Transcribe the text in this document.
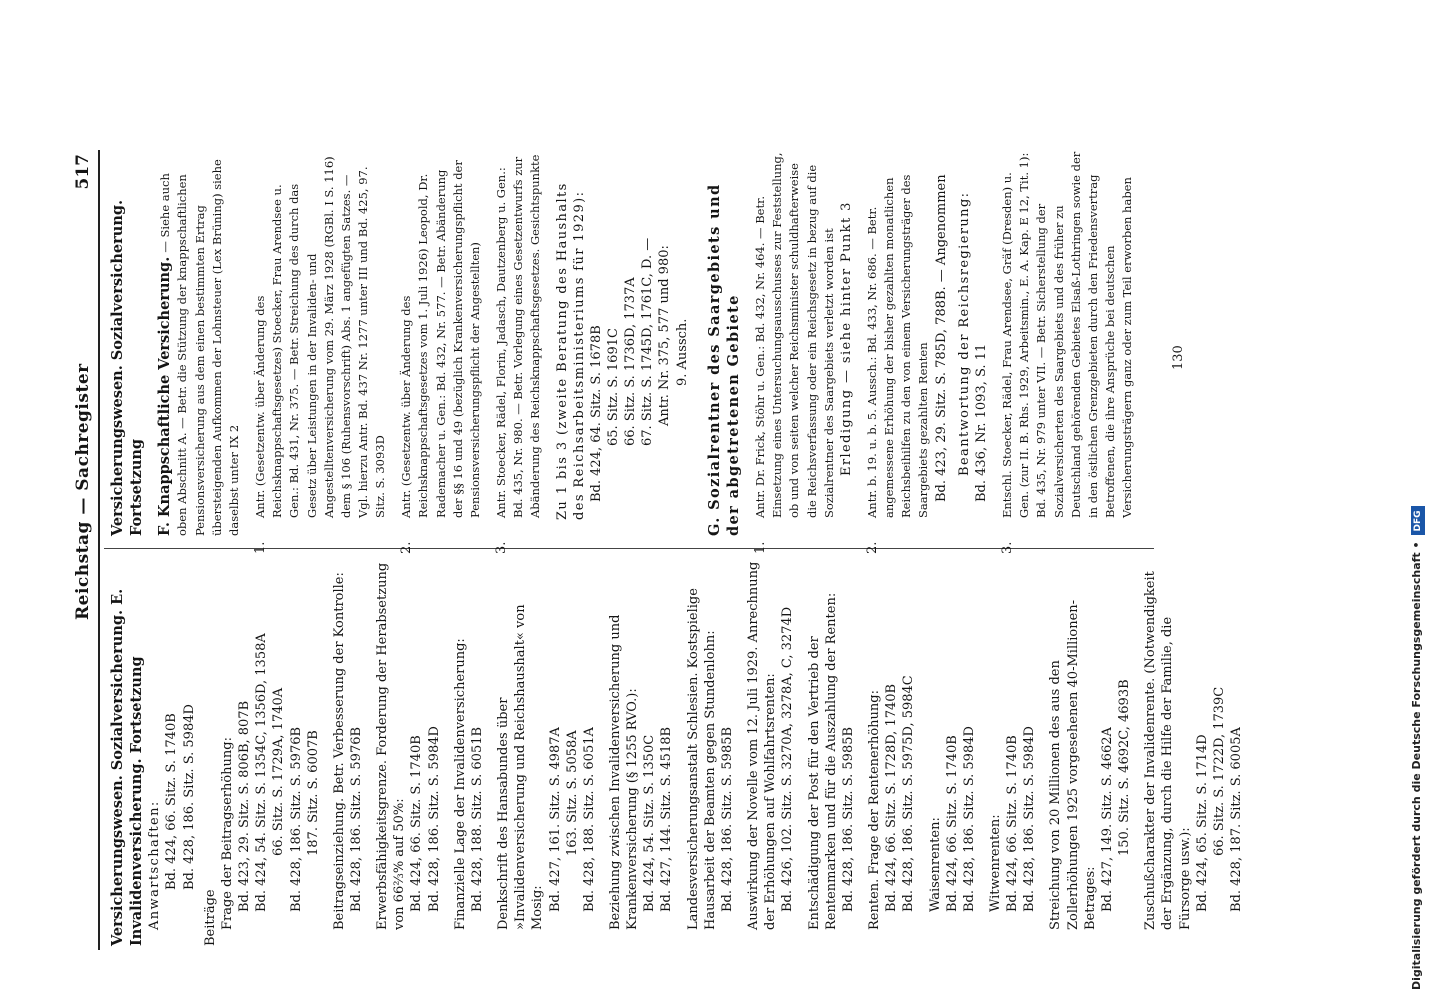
Reichstag — Sachregister
517
Versicherungswesen. Sozialversicherung. E. Invalidenversicherung. Fortsetzung Anwartschaften: Bd. 424, 66. Sitz. S. 1740B Bd. 428, 186. Sitz. S. 5984D
Beiträge Frage der Beitragserhöhung: Bd. 423, 29. Sitz. S. 806B, 807B Bd. 424, 54. Sitz. S. 1354C, 1356D, 1358A 66. Sitz. S. 1729A, 1740A Bd. 428, 186. Sitz. S. 5976B 187. Sitz. S. 6007B Beitragseinziehung. Betr. Verbesserung der Kontrolle: Bd. 428, 186. Sitz. S. 5976B Erwerbsfähigkeitsgrenze. Forderung der Herabsetzung von 66⅔% auf 50%: Bd. 424, 66. Sitz. S. 1740B Bd. 428, 186. Sitz. S. 5984D Finanzielle Lage der Invalidenversicherung: Bd. 428, 188. Sitz. S. 6051B Denkschrift des Hansabundes über »Invalidenversicherung und Reichshaushalt« von Mosig: Bd. 427, 161. Sitz. S. 4987A 163. Sitz. S. 5058A Bd. 428, 188. Sitz. S. 6051A Beziehung zwischen Invalidenversicherung und Krankenversicherung (§ 1255 RVO.): Bd. 424, 54. Sitz. S. 1350C Bd. 427, 144. Sitz. S. 4518B Landesversicherungsanstalt Schlesien. Kostspielige Hausarbeit der Beamten gegen Stundenlohn: Bd. 428, 186. Sitz. S. 5985B Auswirkung der Novelle vom 12. Juli 1929. Anrechnung der Erhöhungen auf Wohlfahrtsrenten: Bd. 426, 102. Sitz. S. 3270A, 3278A, C, 3274D Entschädigung der Post für den Vertrieb der Rentenmarken und für die Auszahlung der Renten: Bd. 428, 186. Sitz. S. 5985B Renten. Frage der Rentenerhöhung: Bd. 424, 66. Sitz. S. 1728D, 1740B Bd. 428, 186. Sitz. S. 5975D, 5984C Waisenrenten: Bd. 424, 66. Sitz. S. 1740B Bd. 428, 186. Sitz. S. 5984D Witwenrenten: Bd. 424, 66. Sitz. S. 1740B Bd. 428, 186. Sitz. S. 5984D Streichung von 20 Millionen des aus den Zollerhöhungen 1925 vorgesehenen 40-Millionen-Betrages: Bd. 427, 149. Sitz. S. 4662A 150. Sitz. S. 4692C, 4693B Zuschußcharakter der Invalidenrente. (Notwendigkeit der Ergänzung, durch die Hilfe der Familie, die Fürsorge usw.): Bd. 424, 65. Sitz. S. 1714D 66. Sitz. S. 1722D, 1739C Bd. 428, 187. Sitz. S. 6005A
Versicherungswesen. Sozialversicherung. Fortsetzung F. Knappschaftliche Versicherung. — Siehe auch oben Abschnitt A. — Betr. die Stützung der knappschaftlichen Pensionsversicherung aus dem einen bestimmten Ertrag übersteigenden Aufkommen der Lohnsteuer (Lex Brüning) siehe daselbst unter IX 2
1.Antr. (Gesetzentw. über Änderung des Reichsknappschaftsgesetzes) Stoecker, Frau Arendsee u. Gen.: Bd. 431, Nr. 375. — Betr. Streichung des durch das Gesetz über Leistungen in der Invaliden- und Angestelltenversicherung vom 29. März 1928 (RGBl. I S. 116) dem § 106 (Ruhensvorschrift) Abs. 1 angefügten Satzes. — Vgl. hierzu Antr. Bd. 437 Nr. 1277 unter III und Bd. 425, 97. Sitz. S. 3093D
2.Antr. (Gesetzentw. über Änderung des Reichsknappschaftsgesetzes vom 1. Juli 1926) Leopold, Dr. Rademacher u. Gen.: Bd. 432, Nr. 577. — Betr. Abänderung der §§ 16 und 49 (bezüglich Krankenversicherungspflicht der Pensionsversicherungspflicht der Angestellten)
3.Antr. Stoecker, Rädel, Florin, Jadasch, Dautzenberg u. Gen.: Bd. 435, Nr. 980. — Betr. Vorlegung eines Gesetzentwurfs zur Abänderung des Reichsknappschaftsgesetzes. Gesichtspunkte Zu 1 bis 3 (zweite Beratung des Haushalts des Reichsarbeitsministeriums für 1929): Bd. 424, 64. Sitz. S. 1678B 65. Sitz. S. 1691C 66. Sitz. S. 1736D, 1737A 67. Sitz. S. 1745D, 1761C, D. — Antr. Nr. 375, 577 und 980: 9. Aussch. G. Sozialrentner des Saargebiets und der abgetretenen Gebiete
1.Antr. Dr. Frick, Stöhr u. Gen.: Bd. 432, Nr. 464. — Betr. Einsetzung eines Untersuchungsausschusses zur Feststellung, ob und von seiten welcher Reichsminister schuldhafterweise die Reichsverfassung oder ein Reichsgesetz in bezug auf die Sozialrentner des Saargebiets verletzt worden ist Erledigung — siehe hinter Punkt 3
2.Antr. b. 19. u. b. 5. Aussch.: Bd. 433, Nr. 686. — Betr. angemessene Erhöhung der bisher gezahlten monatlichen Reichsbeihilfen zu den von einem Versicherungsträger des Saargebiets gezahlten Renten Bd. 423, 29. Sitz. S. 785D, 788B. — Angenommen Beantwortung der Reichsregierung: Bd. 436, Nr. 1093, S. 11
3.Entschl. Stoecker, Rädel, Frau Arendsee, Gräf (Dresden) u. Gen. (zur II. B. Rhs. 1929, Arbeitsmin., E. A. Kap. E 12, Tit. 1): Bd. 435, Nr. 979 unter VII. — Betr. Sicherstellung der Sozialversicherten des Saargebiets und des früher zu Deutschland gehörenden Gebietes Elsaß-Lothringen sowie der in den östlichen Grenzgebieten durch den Friedensvertrag Betroffenen, die ihre Ansprüche bei deutschen Versicherungsträgern ganz oder zum Teil erworben haben	130
Digitalisierung gefördert durch die Deutsche Forschungsgemeinschaft •DFG
